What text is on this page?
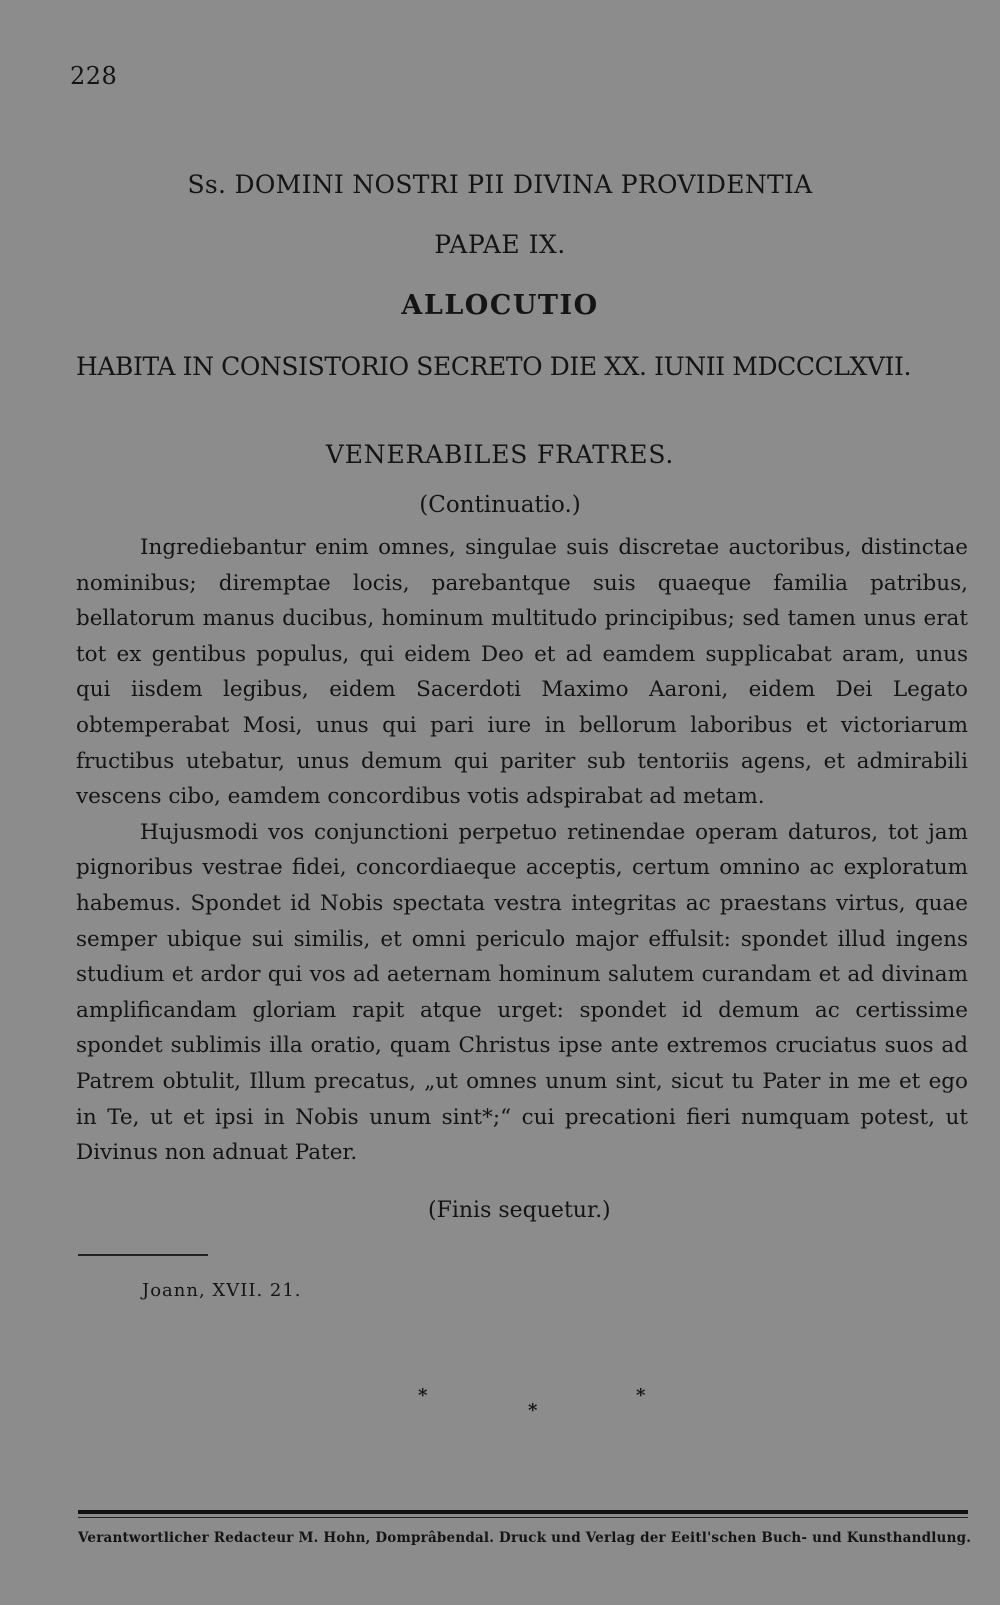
228
Ss. DOMINI NOSTRI PII DIVINA PROVIDENTIA
PAPAE IX.
ALLOCUTIO
HABITA IN CONSISTORIO SECRETO DIE XX. IUNII MDCCCLXVII.
VENERABILES FRATRES.
(Continuatio.)

Ingrediebantur enim omnes, singulae suis discretae auctoribus, distinctae nominibus; diremptae locis, parebantque suis quaeque familia patribus, bellatorum manus ducibus, hominum multitudo principibus; sed tamen unus erat tot ex gentibus populus, qui eidem Deo et ad eamdem supplicabat aram, unus qui iisdem legibus, eidem Sacerdoti Maximo Aaroni, eidem Dei Legato obtemperabat Mosi, unus qui pari iure in bellorum laboribus et victoriarum fructibus utebatur, unus demum qui pariter sub tentoriis agens, et admirabili vescens cibo, eamdem concordibus votis adspirabat ad metam.

Hujusmodi vos conjunctioni perpetuo retinendae operam daturos, tot jam pignoribus vestrae fidei, concordiaeque acceptis, certum omnino ac exploratum habemus. Spondet id Nobis spectata vestra integritas ac praestans virtus, quae semper ubique sui similis, et omni periculo major effulsit: spondet illud ingens studium et ardor qui vos ad aeternam hominum salutem curandam et ad divinam amplificandam gloriam rapit atque urget: spondet id demum ac certissime spondet sublimis illa oratio, quam Christus ipse ante extremos cruciatus suos ad Patrem obtulit, Illum precatus, „ut omnes unum sint, sicut tu Pater in me et ego in Te, ut et ipsi in Nobis unum sint*;“ cui precationi fieri numquam potest, ut Divinus non adnuat Pater.

(Finis sequetur.)
Joann, XVII. 21.
*	*
*
Verantwortlicher Redacteur M. Hohn, Domprâbendal. Druck und Verlag der Eeitl'schen Buch- und Kunsthandlung.
